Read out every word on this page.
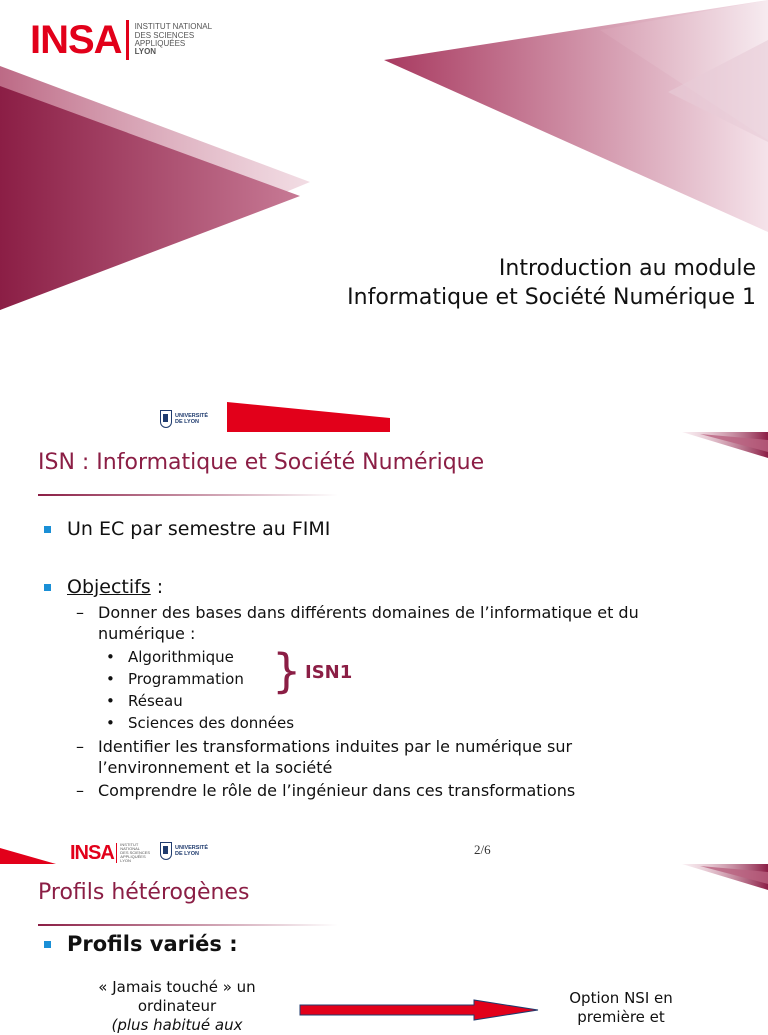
INSA INSTITUT NATIONAL
DES SCIENCES
APPLIQUÉES
LYON
Introduction au module
Informatique et Société Numérique 1
UNIVERSITÉ
DE LYON
ISN : Informatique et Société Numérique
Un EC par semestre au FIMI
Objectifs :
– Donner des bases dans différents domaines de l’informatique et du
numérique :
• Algorithmique
• Programmation
• Réseau
• Sciences des données
– Identifier les transformations induites par le numérique sur
l’environnement et la société
– Comprendre le rôle de l’ingénieur dans ces transformations
} ISN1
INSA INSTITUT NATIONAL
DES SCIENCES
APPLIQUÉES
LYON
UNIVERSITÉ
DE LYON	2/6
Profils hétérogènes
Profils variés :
« Jamais touché » un
ordinateur
(plus habitué aux
Option NSI en
première et
